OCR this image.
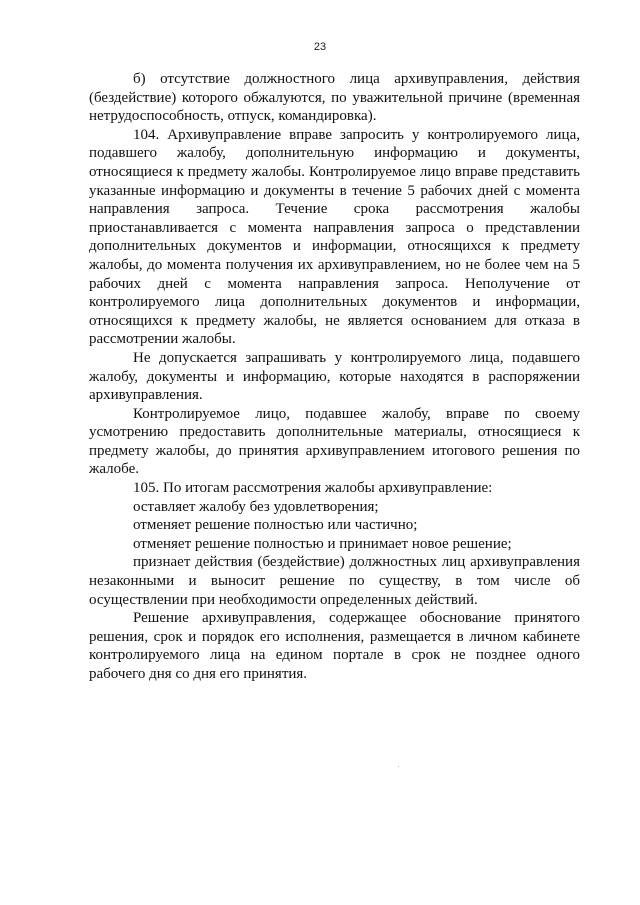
23

б) отсутствие должностного лица архивуправления, действия (бездействие) которого обжалуются, по уважительной причине (временная нетрудоспособность, отпуск, командировка).

104. Архивуправление вправе запросить у контролируемого лица, подавшего жалобу, дополнительную информацию и документы, относящиеся к предмету жалобы. Контролируемое лицо вправе представить указанные информацию и документы в течение 5 рабочих дней с момента направления запроса. Течение срока рассмотрения жалобы приостанавливается с момента направления запроса о представлении дополнительных документов и информации, относящихся к предмету жалобы, до момента получения их архивуправлением, но не более чем на 5 рабочих дней с момента направления запроса. Неполучение от контролируемого лица дополнительных документов и информации, относящихся к предмету жалобы, не является основанием для отказа в рассмотрении жалобы.

Не допускается запрашивать у контролируемого лица, подавшего жалобу, документы и информацию, которые находятся в распоряжении архивуправления.

Контролируемое лицо, подавшее жалобу, вправе по своему усмотрению предоставить дополнительные материалы, относящиеся к предмету жалобы, до принятия архивуправлением итогового решения по жалобе.

105. По итогам рассмотрения жалобы архивуправление:

оставляет жалобу без удовлетворения;

отменяет решение полностью или частично;

отменяет решение полностью и принимает новое решение;

признает действия (бездействие) должностных лиц архивуправления незаконными и выносит решение по существу, в том числе об осуществлении при необходимости определенных действий.

Решение архивуправления, содержащее обоснование принятого решения, срок и порядок его исполнения, размещается в личном кабинете контролируемого лица на едином портале в срок не позднее одного рабочего дня со дня его принятия.
